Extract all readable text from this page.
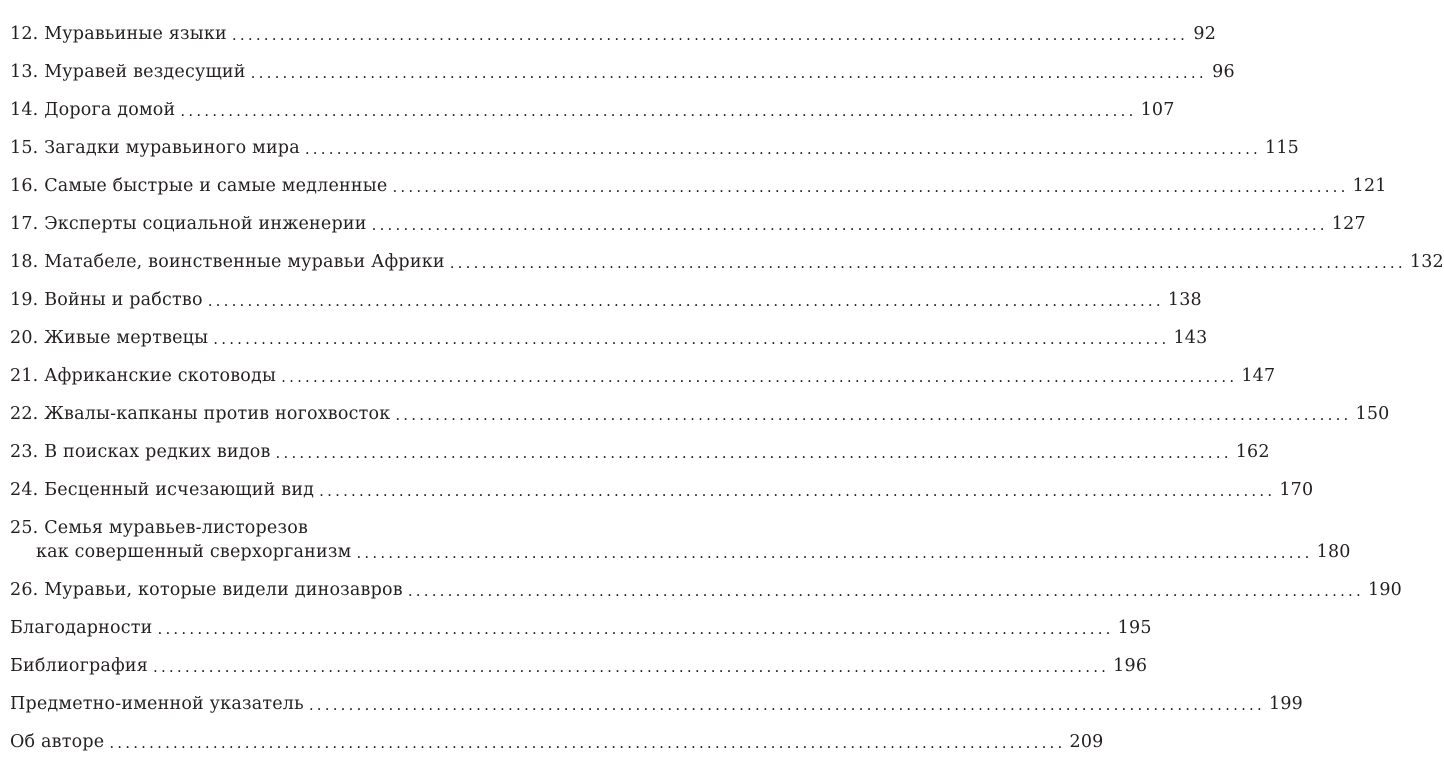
12. Муравьиные языки ........................................................................................................................ 92
13. Муравей вездесущий ........................................................................................................................ 96
14. Дорога домой ........................................................................................................................ 107
15. Загадки муравьиного мира ........................................................................................................................ 115
16. Самые быстрые и самые медленные ........................................................................................................................ 121
17. Эксперты социальной инженерии ........................................................................................................................ 127
18. Матабеле, воинственные муравьи Африки ........................................................................................................................ 132
19. Войны и рабство ........................................................................................................................ 138
20. Живые мертвецы ........................................................................................................................ 143
21. Африканские скотоводы ........................................................................................................................ 147
22. Жвалы-капканы против ногохвосток ........................................................................................................................ 150
23. В поисках редких видов ........................................................................................................................ 162
24. Бесценный исчезающий вид ........................................................................................................................ 170
25. Семья муравьев-листорезов
как совершенный сверхорганизм ........................................................................................................................ 180
26. Муравьи, которые видели динозавров ........................................................................................................................ 190
Благодарности ........................................................................................................................ 195
Библиография ........................................................................................................................ 196
Предметно-именной указатель ........................................................................................................................ 199
Об авторе ........................................................................................................................ 209
